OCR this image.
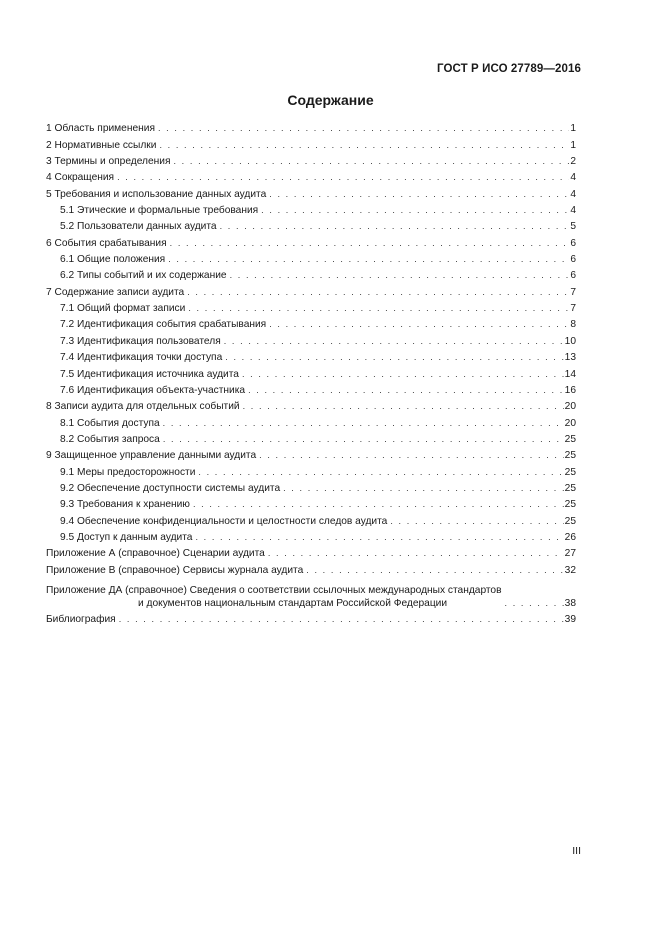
ГОСТ Р ИСО 27789—2016
Содержание
1 Область применения . . .	1
2 Нормативные ссылки . . .	1
3 Термины и определения . . .	2
4 Сокращения . . .	4
5 Требования и использование данных аудита . . .	4
5.1 Этические и формальные требования . . .	4
5.2 Пользователи данных аудита . . .	5
6 События срабатывания . . .	6
6.1 Общие положения . . .	6
6.2 Типы событий и их содержание . . .	6
7 Содержание записи аудита . . .	7
7.1 Общий формат записи . . .	7
7.2 Идентификация события срабатывания . . .	8
7.3 Идентификация пользователя . . .	10
7.4 Идентификация точки доступа . . .	13
7.5 Идентификация источника аудита . . .	14
7.6 Идентификация объекта-участника . . .	16
8 Записи аудита для отдельных событий . . .	20
8.1 События доступа . . .	20
8.2 События запроса . . .	25
9 Защищенное управление данными аудита . . .	25
9.1 Меры предосторожности . . .	25
9.2 Обеспечение доступности системы аудита . . .	25
9.3 Требования к хранению . . .	25
9.4 Обеспечение конфиденциальности и целостности следов аудита . . .	25
9.5 Доступ к данным аудита . . .	26
Приложение А (справочное) Сценарии аудита . . .	27
Приложение В (справочное) Сервисы журнала аудита . . .	32
Приложение ДА (справочное) Сведения о соответствии ссылочных международных стандартов
и документов национальным стандартам Российской Федерации . . .	38
Библиография . . .	39
III
